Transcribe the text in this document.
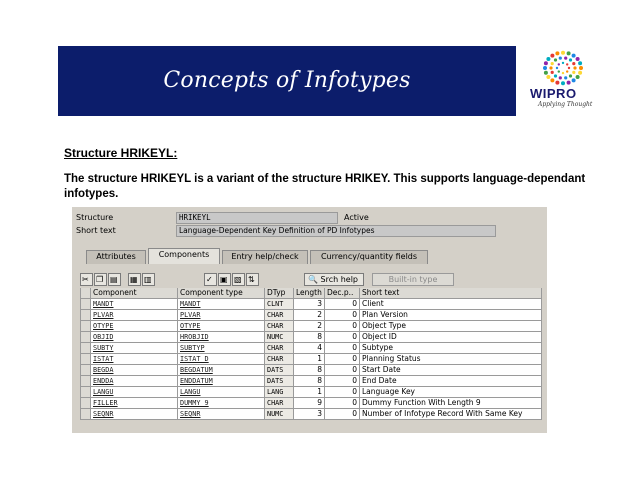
Concepts of Infotypes
WIPRO
Applying Thought
Structure HRIKEYL:
The structure HRIKEYL is a variant of the structure HRIKEY. This supports language-dependant infotypes.
Structure	HRIKEYL	Active
Short text	Language-Dependent Key Definition of PD Infotypes
Attributes	Components	Entry help/check	Currency/quantity fields
✂ ❐ ▤ ▦ ▥	✓ ▣ ▧ ⇅	🔍 Srch help	Built-in type
Component	Component type	DTyp	Length Dec.p..	Short text
MANDT	MANDT	CLNT	3	0 Client
PLVAR	PLVAR	CHAR	2	0 Plan Version
OTYPE	OTYPE	CHAR	2	0 Object Type
OBJID	HROBJID	NUMC	8	0 Object ID
SUBTY	SUBTYP	CHAR	4	0 Subtype
ISTAT	ISTAT_D	CHAR	1	0 Planning Status
BEGDA	BEGDATUM	DATS	8	0 Start Date
ENDDA	ENDDATUM	DATS	8	0 End Date
LANGU	LANGU	LANG	1	0 Language Key
FILLER	DUMMY_9	CHAR	9	0 Dummy Function With Length 9
SEQNR	SEQNR	NUMC	3	0 Number of Infotype Record With Same Key
